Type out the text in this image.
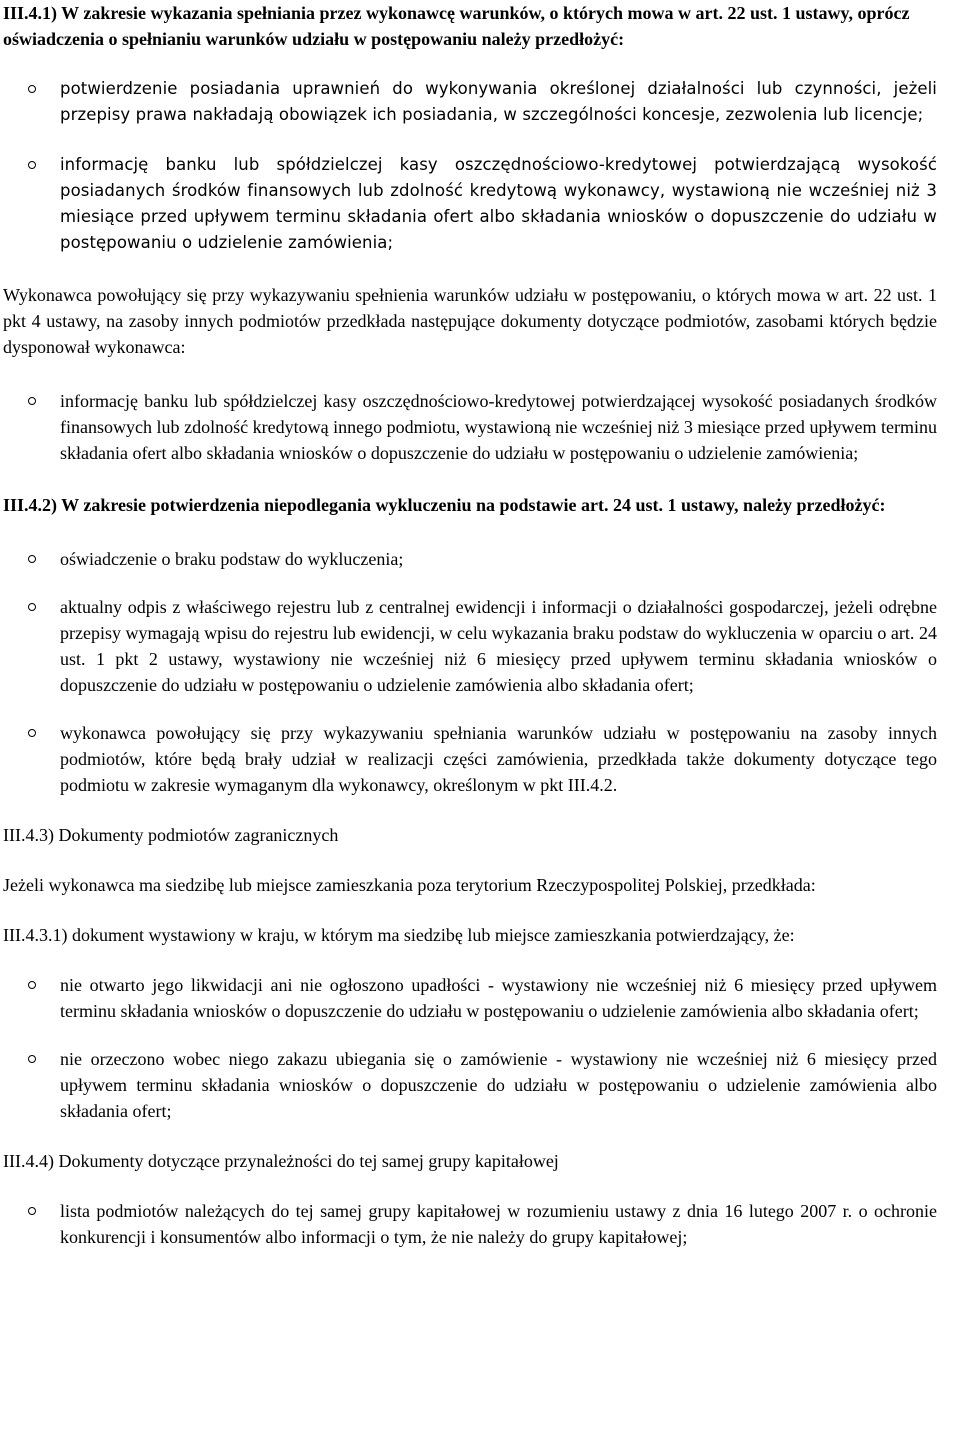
III.4.1) W zakresie wykazania spełniania przez wykonawcę warunków, o których mowa w art. 22 ust. 1 ustawy, oprócz oświadczenia o spełnianiu warunków udziału w postępowaniu należy przedłożyć:

potwierdzenie posiadania uprawnień do wykonywania określonej działalności lub czynności, jeżeli przepisy prawa nakładają obowiązek ich posiadania, w szczególności koncesje, zezwolenia lub licencje;
informację banku lub spółdzielczej kasy oszczędnościowo-kredytowej potwierdzającą wysokość posiadanych środków finansowych lub zdolność kredytową wykonawcy, wystawioną nie wcześniej niż 3 miesiące przed upływem terminu składania ofert albo składania wniosków o dopuszczenie do udziału w postępowaniu o udzielenie zamówienia;

Wykonawca powołujący się przy wykazywaniu spełnienia warunków udziału w postępowaniu, o których mowa w art. 22 ust. 1 pkt 4 ustawy, na zasoby innych podmiotów przedkłada następujące dokumenty dotyczące podmiotów, zasobami których będzie dysponował wykonawca:

informację banku lub spółdzielczej kasy oszczędnościowo-kredytowej potwierdzającej wysokość posiadanych środków finansowych lub zdolność kredytową innego podmiotu, wystawioną nie wcześniej niż 3 miesiące przed upływem terminu składania ofert albo składania wniosków o dopuszczenie do udziału w postępowaniu o udzielenie zamówienia;

III.4.2) W zakresie potwierdzenia niepodlegania wykluczeniu na podstawie art. 24 ust. 1 ustawy, należy przedłożyć:

oświadczenie o braku podstaw do wykluczenia;
aktualny odpis z właściwego rejestru lub z centralnej ewidencji i informacji o działalności gospodarczej, jeżeli odrębne przepisy wymagają wpisu do rejestru lub ewidencji, w celu wykazania braku podstaw do wykluczenia w oparciu o art. 24 ust. 1 pkt 2 ustawy, wystawiony nie wcześniej niż 6 miesięcy przed upływem terminu składania wniosków o dopuszczenie do udziału w postępowaniu o udzielenie zamówienia albo składania ofert;
wykonawca powołujący się przy wykazywaniu spełniania warunków udziału w postępowaniu na zasoby innych podmiotów, które będą brały udział w realizacji części zamówienia, przedkłada także dokumenty dotyczące tego podmiotu w zakresie wymaganym dla wykonawcy, określonym w pkt III.4.2.

III.4.3) Dokumenty podmiotów zagranicznych

Jeżeli wykonawca ma siedzibę lub miejsce zamieszkania poza terytorium Rzeczypospolitej Polskiej, przedkłada:

III.4.3.1) dokument wystawiony w kraju, w którym ma siedzibę lub miejsce zamieszkania potwierdzający, że:

nie otwarto jego likwidacji ani nie ogłoszono upadłości - wystawiony nie wcześniej niż 6 miesięcy przed upływem terminu składania wniosków o dopuszczenie do udziału w postępowaniu o udzielenie zamówienia albo składania ofert;
nie orzeczono wobec niego zakazu ubiegania się o zamówienie - wystawiony nie wcześniej niż 6 miesięcy przed upływem terminu składania wniosków o dopuszczenie do udziału w postępowaniu o udzielenie zamówienia albo składania ofert;

III.4.4) Dokumenty dotyczące przynależności do tej samej grupy kapitałowej

lista podmiotów należących do tej samej grupy kapitałowej w rozumieniu ustawy z dnia 16 lutego 2007 r. o ochronie konkurencji i konsumentów albo informacji o tym, że nie należy do grupy kapitałowej;
